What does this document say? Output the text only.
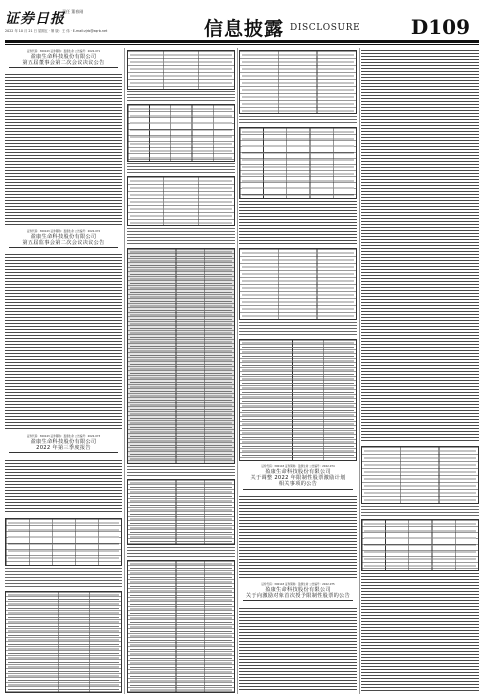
证券日报
责任 董春刚
2022 年 10 月 21 日 星期五 · 制 版：王 伟 · E-mail:zjrb@zqrb.net	信息披露 DISCLOSURE	D109
证券代码：300143 证券简称：盈康生命 公告编号：2022-071
盈康生命科技股份有限公司
第五届董事会第二次会议决议公告
证券代码：300143 证券简称：盈康生命 公告编号：2022-072
盈康生命科技股份有限公司
第五届监事会第二次会议决议公告
证券代码：300143 证券简称：盈康生命 公告编号：2022-073
盈康生命科技股份有限公司
2022 年第三季度报告
证券代码：300143 证券简称：盈康生命 公告编号：2022-074
盈康生命科技股份有限公司
关于调整 2022 年限制性股票激励计划
相关事项的公告
证券代码：300143 证券简称：盈康生命 公告编号：2022-075
盈康生命科技股份有限公司
关于向激励对象首次授予限制性股票的公告
